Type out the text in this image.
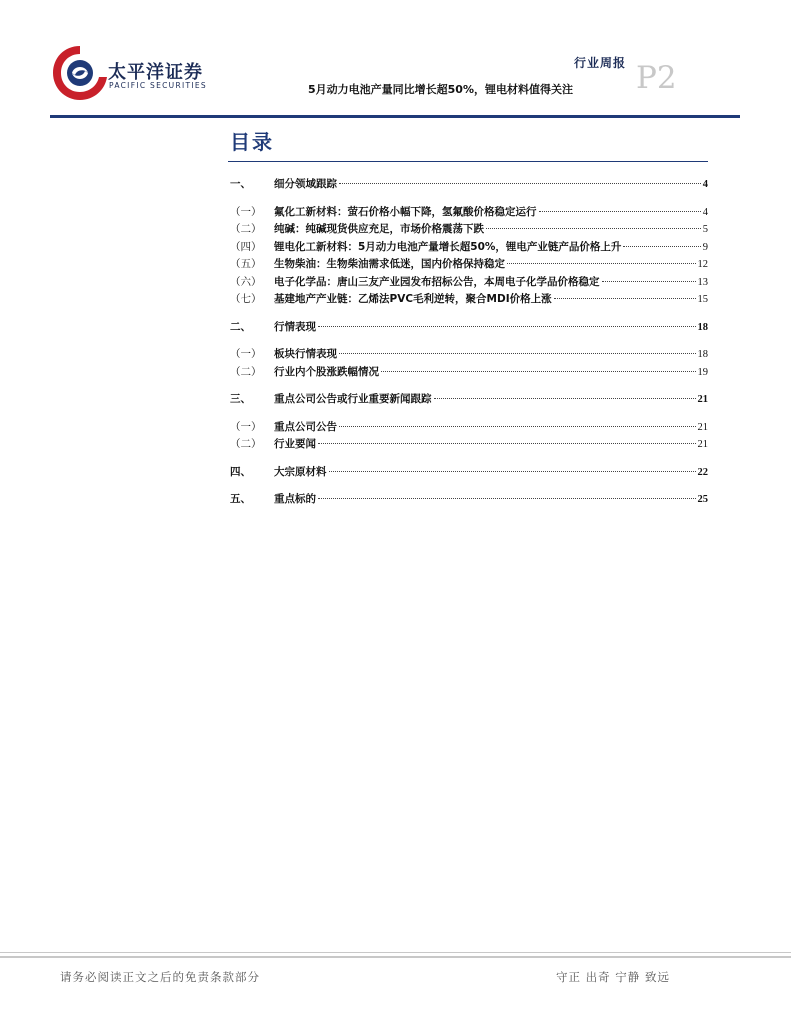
太平洋证券
PACIFIC SECURITIES
行业周报 P2
5月动力电池产量同比增长超50%，锂电材料值得关注
目录
一、	细分领域跟踪	4
（一）	氟化工新材料：萤石价格小幅下降，氢氟酸价格稳定运行	4
（二）	纯碱：纯碱现货供应充足，市场价格震荡下跌	5
（四）	锂电化工新材料：5月动力电池产量增长超50%，锂电产业链产品价格上升	9
（五）	生物柴油：生物柴油需求低迷，国内价格保持稳定	12
（六）	电子化学品：唐山三友产业园发布招标公告，本周电子化学品价格稳定	13
（七）	基建地产产业链：乙烯法PVC毛利逆转，聚合MDI价格上涨	15
二、	行情表现	18
（一）	板块行情表现	18
（二）	行业内个股涨跌幅情况	19
三、	重点公司公告或行业重要新闻跟踪	21
（一）	重点公司公告	21
（二）	行业要闻	21
四、	大宗原材料	22
五、	重点标的	25
请务必阅读正文之后的免责条款部分	守正 出奇 宁静 致远
